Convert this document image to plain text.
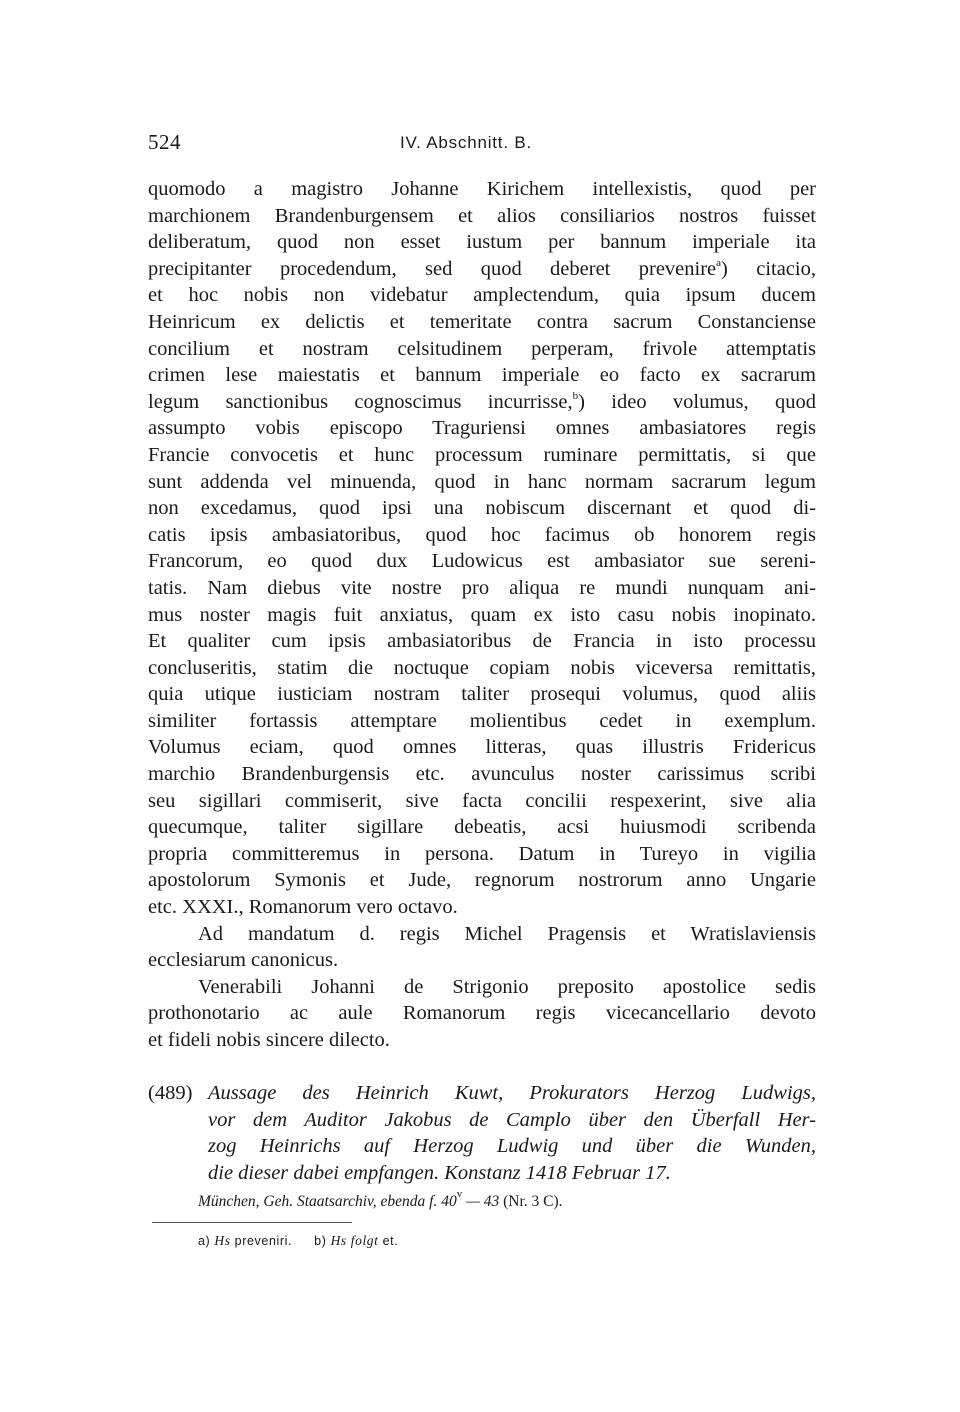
524	IV. Abschnitt. B.
quomodo a magistro Johanne Kirichem intellexistis, quod per
marchionem Brandenburgensem et alios consiliarios nostros fuisset
deliberatum, quod non esset iustum per bannum imperiale ita
precipitanter procedendum, sed quod deberet prevenire$^a$) citacio,
et hoc nobis non videbatur amplectendum, quia ipsum ducem
Heinricum ex delictis et temeritate contra sacrum Constanciense
concilium et nostram celsitudinem perperam, frivole attemptatis
crimen lese maiestatis et bannum imperiale eo facto ex sacrarum
legum sanctionibus cognoscimus incurrisse,$^b$) ideo volumus, quod
assumpto vobis episcopo Traguriensi omnes ambasiatores regis
Francie convocetis et hunc processum ruminare permittatis, si que
sunt addenda vel minuenda, quod in hanc normam sacrarum legum
non excedamus, quod ipsi una nobiscum discernant et quod di-
catis ipsis ambasiatoribus, quod hoc facimus ob honorem regis
Francorum, eo quod dux Ludowicus est ambasiator sue sereni-
tatis. Nam diebus vite nostre pro aliqua re mundi nunquam ani-
mus noster magis fuit anxiatus, quam ex isto casu nobis inopinato.
Et qualiter cum ipsis ambasiatoribus de Francia in isto processu
concluseritis, statim die noctuque copiam nobis viceversa remittatis,
quia utique iusticiam nostram taliter prosequi volumus, quod aliis
similiter fortassis attemptare molientibus cedet in exemplum.
Volumus eciam, quod omnes litteras, quas illustris Fridericus
marchio Brandenburgensis etc. avunculus noster carissimus scribi
seu sigillari commiserit, sive facta concilii respexerint, sive alia
quecumque, taliter sigillare debeatis, acsi huiusmodi scribenda
propria committeremus in persona. Datum in Tureyo in vigilia
apostolorum Symonis et Jude, regnorum nostrorum anno Ungarie
etc. XXXI., Romanorum vero octavo.
Ad mandatum d. regis Michel Pragensis et Wratislaviensis
ecclesiarum canonicus.
Venerabili Johanni de Strigonio preposito apostolice sedis
prothonotario ac aule Romanorum regis vicecancellario devoto
et fideli nobis sincere dilecto.
(489) Aussage des Heinrich Kuwt, Prokurators Herzog Ludwigs,
vor dem Auditor Jakobus de Camplo über den Überfall Her-
zog Heinrichs auf Herzog Ludwig und über die Wunden,
die dieser dabei empfangen. Konstanz 1418 Februar 17.
München, Geh. Staatsarchiv, ebenda f. 40$^v$ — 43 (Nr. 3 C).
a) Hs preveniri. b) Hs folgt et.
